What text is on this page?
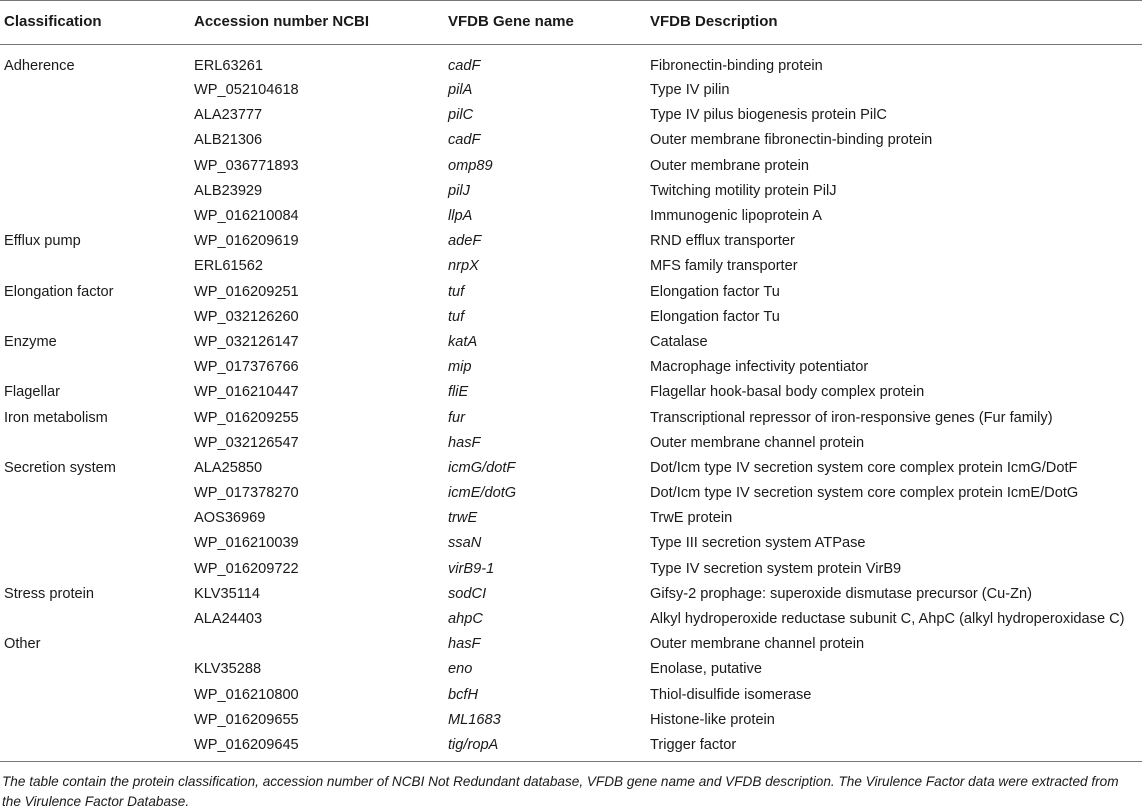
Classification	Accession number NCBI	VFDB Gene name	VFDB Description
Adherence	ERL63261	cadF	Fibronectin-binding protein
	WP_052104618	pilA	Type IV pilin
	ALA23777	pilC	Type IV pilus biogenesis protein PilC
	ALB21306	cadF	Outer membrane fibronectin-binding protein
	WP_036771893	omp89	Outer membrane protein
	ALB23929	pilJ	Twitching motility protein PilJ
	WP_016210084	llpA	Immunogenic lipoprotein A
Efflux pump	WP_016209619	adeF	RND efflux transporter
	ERL61562	nrpX	MFS family transporter
Elongation factor	WP_016209251	tuf	Elongation factor Tu
	WP_032126260	tuf	Elongation factor Tu
Enzyme	WP_032126147	katA	Catalase
	WP_017376766	mip	Macrophage infectivity potentiator
Flagellar	WP_016210447	fliE	Flagellar hook-basal body complex protein
Iron metabolism	WP_016209255	fur	Transcriptional repressor of iron-responsive genes (Fur family)
	WP_032126547	hasF	Outer membrane channel protein
Secretion system	ALA25850	icmG/dotF	Dot/Icm type IV secretion system core complex protein IcmG/DotF
	WP_017378270	icmE/dotG	Dot/Icm type IV secretion system core complex protein IcmE/DotG
	AOS36969	trwE	TrwE protein
	WP_016210039	ssaN	Type III secretion system ATPase
	WP_016209722	virB9-1	Type IV secretion system protein VirB9
Stress protein	KLV35114	sodCI	Gifsy-2 prophage: superoxide dismutase precursor (Cu-Zn)
	ALA24403	ahpC	Alkyl hydroperoxide reductase subunit C, AhpC (alkyl hydroperoxidase C)
Other		hasF	Outer membrane channel protein
	KLV35288	eno	Enolase, putative
	WP_016210800	bcfH	Thiol-disulfide isomerase
	WP_016209655	ML1683	Histone-like protein
	WP_016209645	tig/ropA	Trigger factor
The table contain the protein classification, accession number of NCBI Not Redundant database, VFDB gene name and VFDB description. The Virulence Factor data were extracted from the Virulence Factor Database.
